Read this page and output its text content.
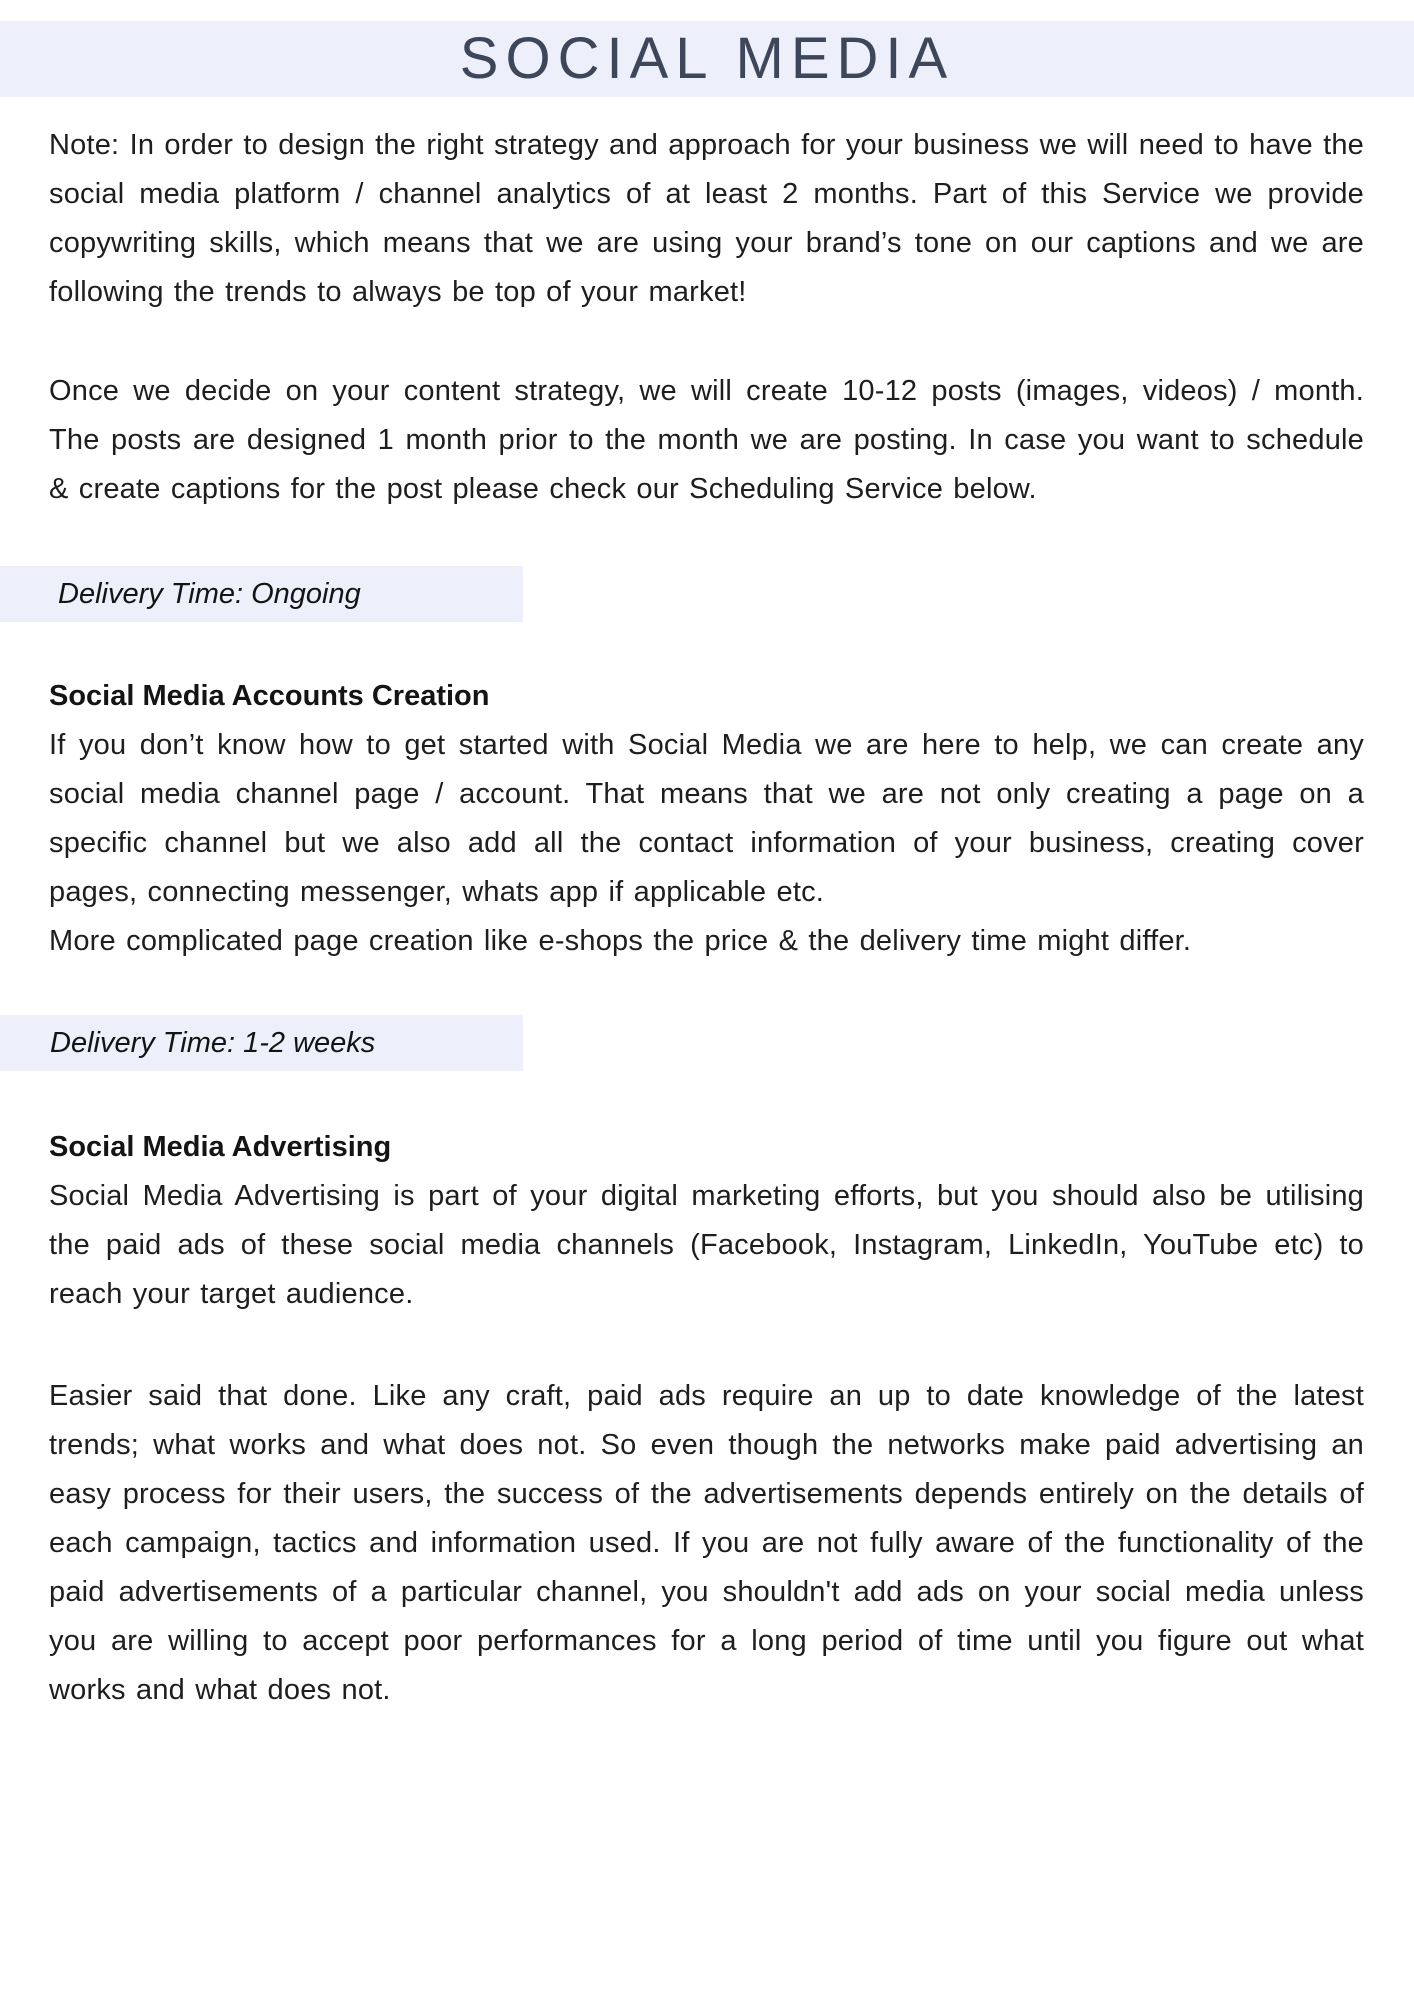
SOCIAL MEDIA

Note: In order to design the right strategy and approach for your business we will need to have the social media platform / channel analytics of at least 2 months. Part of this Service we provide copywriting skills, which means that we are using your brand’s tone on our captions and we are following the trends to always be top of your market!

Once we decide on your content strategy, we will create 10-12 posts (images, videos) / month. The posts are designed 1 month prior to the month we are posting. In case you want to schedule & create captions for the post please check our Scheduling Service below.

Delivery Time: Ongoing
Social Media Accounts Creation

If you don’t know how to get started with Social Media we are here to help, we can create any social media channel page / account. That means that we are not only creating a page on a specific channel but we also add all the contact information of your business, creating cover pages, connecting messenger, whats app if applicable etc.

More complicated page creation like e-shops the price & the delivery time might differ.

Delivery Time: 1-2 weeks
Social Media Advertising

Social Media Advertising is part of your digital marketing efforts, but you should also be utilising the paid ads of these social media channels (Facebook, Instagram, LinkedIn, YouTube etc) to reach your target audience.

Easier said that done. Like any craft, paid ads require an up to date knowledge of the latest trends; what works and what does not. So even though the networks make paid advertising an easy process for their users, the success of the advertisements depends entirely on the details of each campaign, tactics and information used. If you are not fully aware of the functionality of the paid advertisements of a particular channel, you shouldn't add ads on your social media unless you are willing to accept poor performances for a long period of time until you figure out what works and what does not.
